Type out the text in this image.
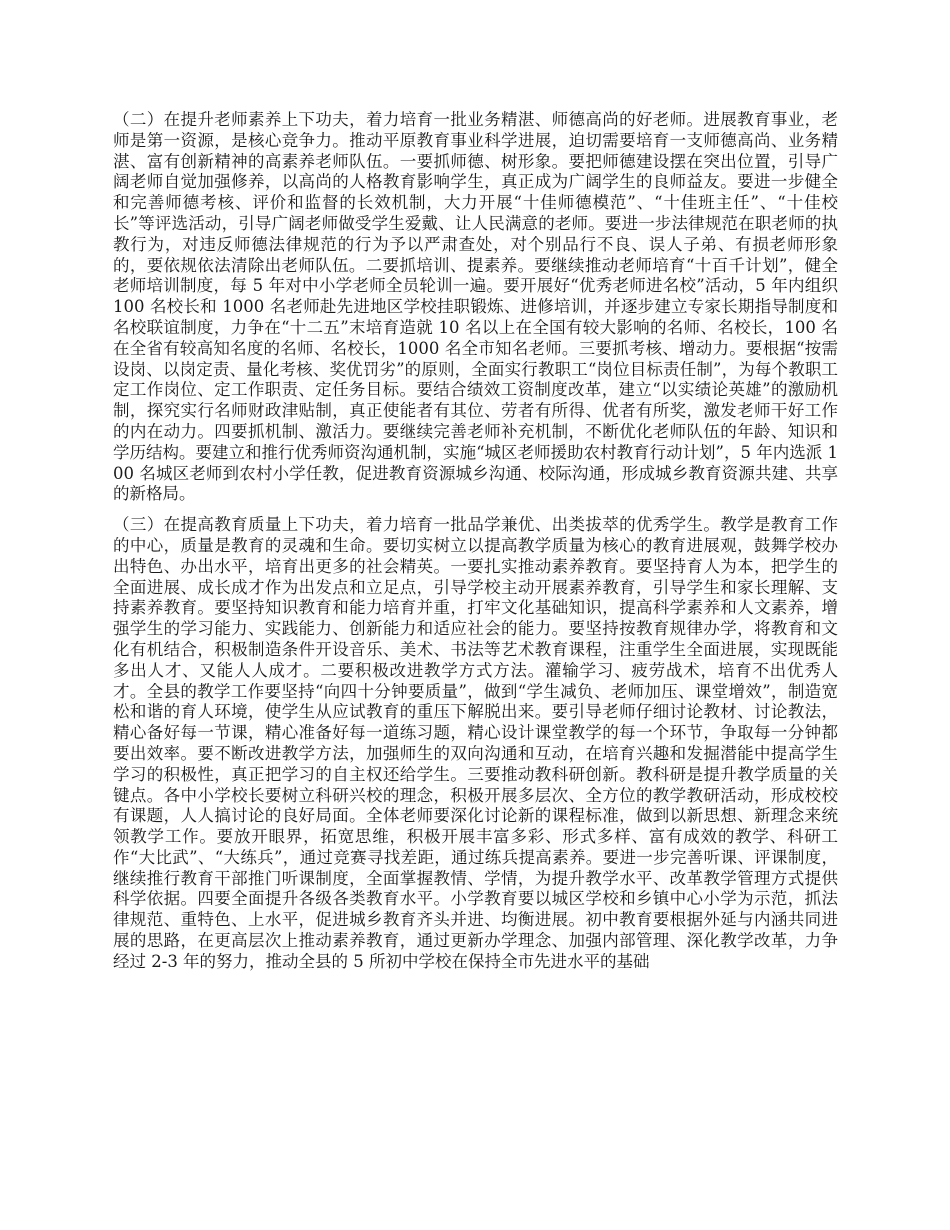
（二）在提升老师素养上下功夫，着力培育一批业务精湛、师德高尚的好老师。进展教育事业，老师是第一资源，是核心竞争力。推动平原教育事业科学进展，迫切需要培育一支师德高尚、业务精湛、富有创新精神的高素养老师队伍。一要抓师德、树形象。要把师德建设摆在突出位置，引导广阔老师自觉加强修养，以高尚的人格教育影响学生，真正成为广阔学生的良师益友。要进一步健全和完善师德考核、评价和监督的长效机制，大力开展“十佳师德模范”、“十佳班主任”、“十佳校长”等评选活动，引导广阔老师做受学生爱戴、让人民满意的老师。要进一步法律规范在职老师的执教行为，对违反师德法律规范的行为予以严肃查处，对个别品行不良、误人子弟、有损老师形象的，要依规依法清除出老师队伍。二要抓培训、提素养。要继续推动老师培育“十百千计划”，健全老师培训制度，每 5 年对中小学老师全员轮训一遍。要开展好“优秀老师进名校”活动，5 年内组织 100 名校长和 1000 名老师赴先进地区学校挂职锻炼、进修培训，并逐步建立专家长期指导制度和名校联谊制度，力争在“十二五”末培育造就 10 名以上在全国有较大影响的名师、名校长，100 名在全省有较高知名度的名师、名校长，1000 名全市知名老师。三要抓考核、增动力。要根据“按需设岗、以岗定责、量化考核、奖优罚劣”的原则，全面实行教职工“岗位目标责任制”，为每个教职工定工作岗位、定工作职责、定任务目标。要结合绩效工资制度改革，建立“以实绩论英雄”的激励机制，探究实行名师财政津贴制，真正使能者有其位、劳者有所得、优者有所奖，激发老师干好工作的内在动力。四要抓机制、激活力。要继续完善老师补充机制，不断优化老师队伍的年龄、知识和学历结构。要建立和推行优秀师资沟通机制，实施“城区老师援助农村教育行动计划”，5 年内选派 100 名城区老师到农村小学任教，促进教育资源城乡沟通、校际沟通，形成城乡教育资源共建、共享的新格局。

（三）在提高教育质量上下功夫，着力培育一批品学兼优、出类拔萃的优秀学生。教学是教育工作的中心，质量是教育的灵魂和生命。要切实树立以提高教学质量为核心的教育进展观，鼓舞学校办出特色、办出水平，培育出更多的社会精英。一要扎实推动素养教育。要坚持育人为本，把学生的全面进展、成长成才作为出发点和立足点，引导学校主动开展素养教育，引导学生和家长理解、支持素养教育。要坚持知识教育和能力培育并重，打牢文化基础知识，提高科学素养和人文素养，增强学生的学习能力、实践能力、创新能力和适应社会的能力。要坚持按教育规律办学，将教育和文化有机结合，积极制造条件开设音乐、美术、书法等艺术教育课程，注重学生全面进展，实现既能多出人才、又能人人成才。二要积极改进教学方式方法。灌输学习、疲劳战术，培育不出优秀人才。全县的教学工作要坚持“向四十分钟要质量”，做到“学生减负、老师加压、课堂增效”，制造宽松和谐的育人环境，使学生从应试教育的重压下解脱出来。要引导老师仔细讨论教材、讨论教法，精心备好每一节课，精心准备好每一道练习题，精心设计课堂教学的每一个环节，争取每一分钟都要出效率。要不断改进教学方法，加强师生的双向沟通和互动，在培育兴趣和发掘潜能中提高学生学习的积极性，真正把学习的自主权还给学生。三要推动教科研创新。教科研是提升教学质量的关键点。各中小学校长要树立科研兴校的理念，积极开展多层次、全方位的教学教研活动，形成校校有课题，人人搞讨论的良好局面。全体老师要深化讨论新的课程标准，做到以新思想、新理念来统领教学工作。要放开眼界，拓宽思维，积极开展丰富多彩、形式多样、富有成效的教学、科研工作“大比武”、“大练兵”，通过竞赛寻找差距，通过练兵提高素养。要进一步完善听课、评课制度，继续推行教育干部推门听课制度，全面掌握教情、学情，为提升教学水平、改革教学管理方式提供科学依据。四要全面提升各级各类教育水平。小学教育要以城区学校和乡镇中心小学为示范，抓法律规范、重特色、上水平，促进城乡教育齐头并进、均衡进展。初中教育要根据外延与内涵共同进展的思路，在更高层次上推动素养教育，通过更新办学理念、加强内部管理、深化教学改革，力争经过 2-3 年的努力，推动全县的 5 所初中学校在保持全市先进水平的基础
